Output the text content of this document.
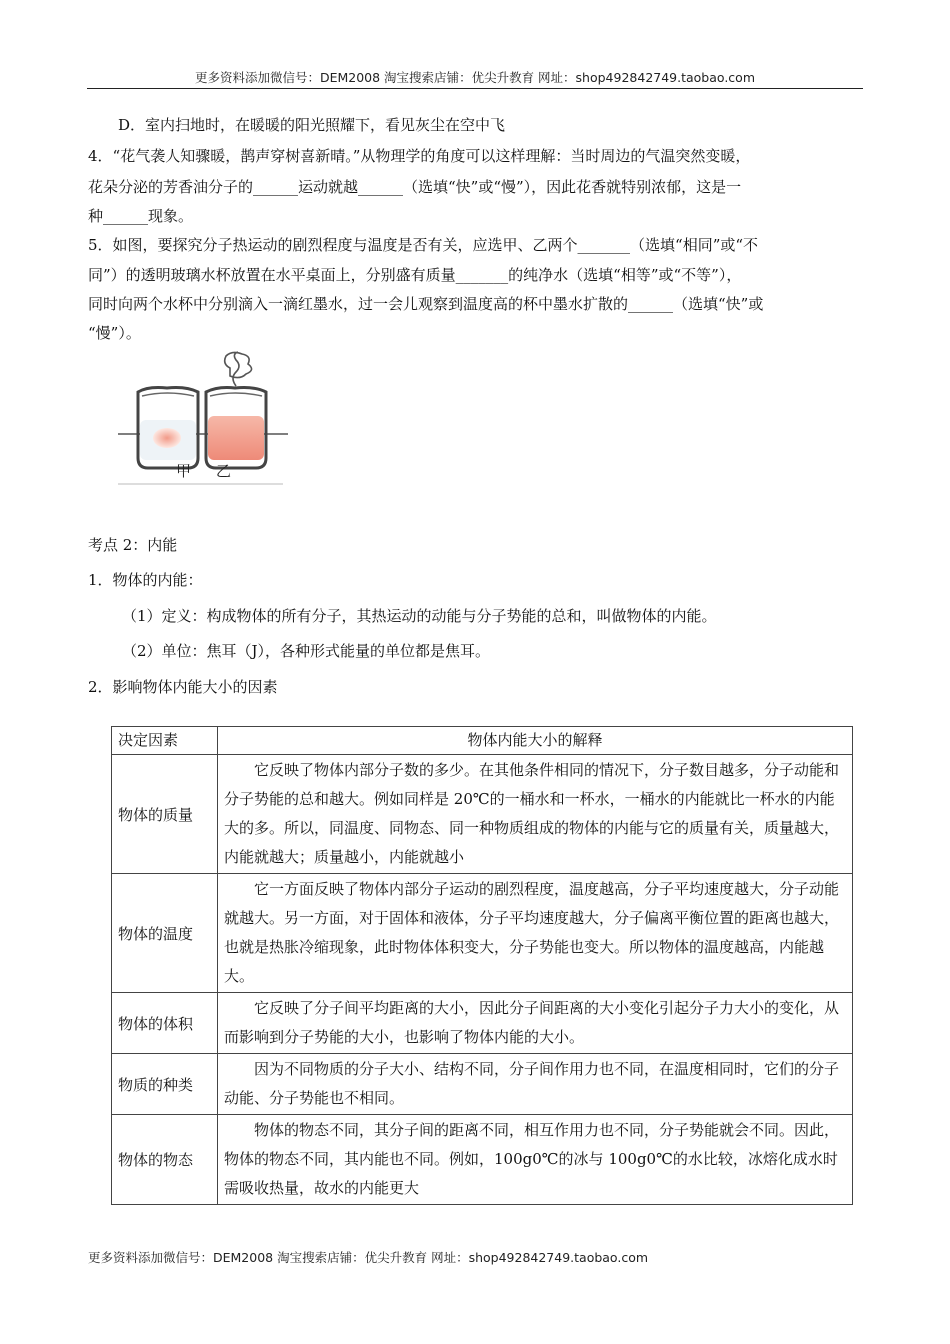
更多资料添加微信号：DEM2008 淘宝搜索店铺：优尖升教育 网址：shop492842749.taobao.com
D．室内扫地时，在暖暖的阳光照耀下，看见灰尘在空中飞
4．“花气袭人知骤暖，鹊声穿树喜新晴。”从物理学的角度可以这样理解：当时周边的气温突然变暖，
花朵分泌的芳香油分子的______运动就越______（选填“快”或“慢”），因此花香就特别浓郁，这是一
种______现象。
5．如图，要探究分子热运动的剧烈程度与温度是否有关，应选甲、乙两个_______（选填“相同”或“不
同”）的透明玻璃水杯放置在水平桌面上，分别盛有质量_______的纯净水（选填“相等”或“不等”），
同时向两个水杯中分别滴入一滴红墨水，过一会儿观察到温度高的杯中墨水扩散的______（选填“快”或
“慢”）。
甲 乙
考点 2：内能
1．物体的内能：
（1）定义：构成物体的所有分子，其热运动的动能与分子势能的总和，叫做物体的内能。
（2）单位：焦耳（J），各种形式能量的单位都是焦耳。
2．影响物体内能大小的因素
决定因素	物体内能大小的解释
物体的质量	它反映了物体内部分子数的多少。在其他条件相同的情况下，分子数目越多，分子动能和分子势能的总和越大。例如同样是 20℃的一桶水和一杯水，一桶水的内能就比一杯水的内能大的多。所以，同温度、同物态、同一种物质组成的物体的内能与它的质量有关，质量越大，内能就越大；质量越小，内能就越小
物体的温度	它一方面反映了物体内部分子运动的剧烈程度，温度越高，分子平均速度越大，分子动能就越大。另一方面，对于固体和液体，分子平均速度越大，分子偏离平衡位置的距离也越大，也就是热胀冷缩现象，此时物体体积变大，分子势能也变大。所以物体的温度越高，内能越大。
物体的体积	它反映了分子间平均距离的大小，因此分子间距离的大小变化引起分子力大小的变化，从而影响到分子势能的大小，也影响了物体内能的大小。
物质的种类	因为不同物质的分子大小、结构不同，分子间作用力也不同，在温度相同时，它们的分子动能、分子势能也不相同。
物体的物态	物体的物态不同，其分子间的距离不同，相互作用力也不同，分子势能就会不同。因此，物体的物态不同，其内能也不同。例如，100g0℃的冰与 100g0℃的水比较，冰熔化成水时需吸收热量，故水的内能更大
更多资料添加微信号：DEM2008 淘宝搜索店铺：优尖升教育 网址：shop492842749.taobao.com
